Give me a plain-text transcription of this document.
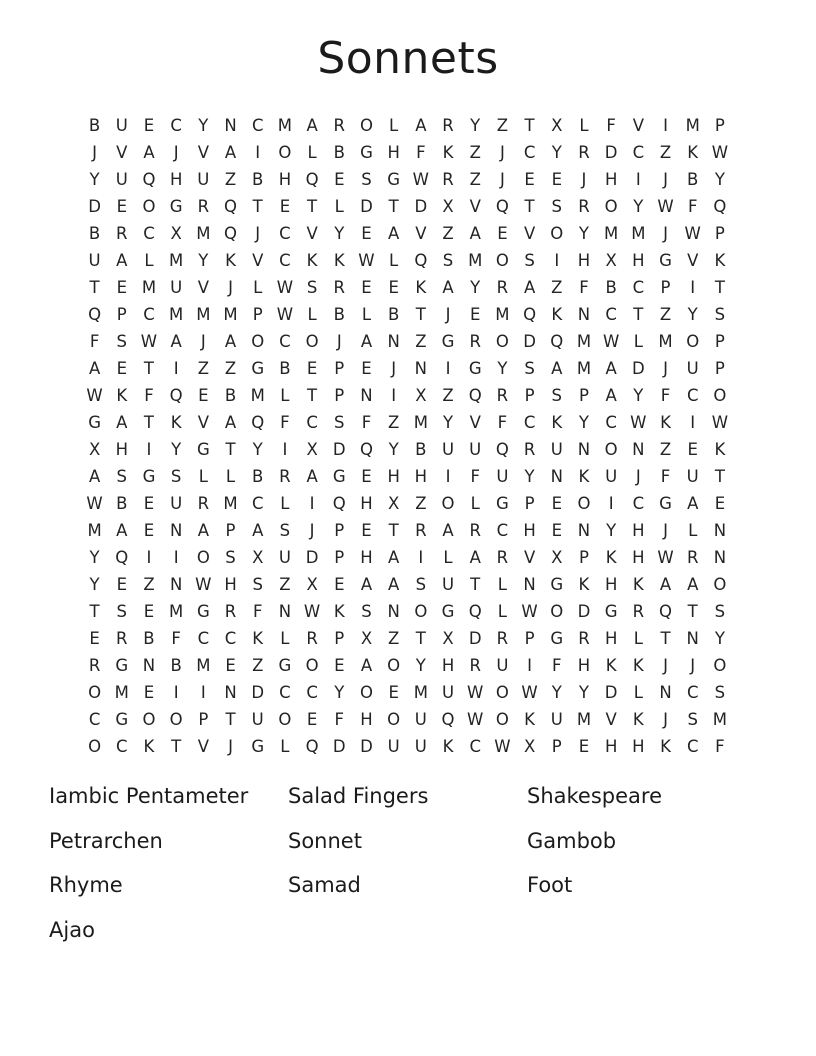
Sonnets
B U E C Y N C M A R O L	A R Y Z T X	L	F	V	I	M P
J	V A	J	V A	I	O L	B G H F	K Z	J	C Y R D C Z K W
Y U Q H U Z B H Q E	S G W R Z	J	E	E	J	H	I	J	B Y
D E O G R Q T	E	T	L D T D X V Q T	S R O Y W F Q
B R C X M Q	J	C V	Y	E A V Z A E V O Y M M	J	W P
U A	L M Y	K V C K K W L Q S M O S	I	H X H G V K
T	E M U V	J	L W S R E	E	K A	Y R A Z	F	B C P	I	T
Q P C M M M P W L	B	L	B T	J	E M Q K N C T Z Y	S
F	S W A	J	A O C O	J	A N Z G R O D Q M W L M O P
A E	T	I	Z Z G B E	P	E	J	N	I	G Y	S A M A D	J	U P
W K	F Q E B M L	T	P N	I	X Z Q R P	S	P	A	Y	F	C O
G A	T	K V A Q F	C S	F	Z M Y V	F	C K	Y C W K	I	W
X H	I	Y G T	Y	I	X D Q Y B U U Q R U N O N Z E	K
A S G S	L	L	B R A G E H H	I	F U Y N K U	J	F U T
W B E U R M C	L	I	Q H X Z O L G P	E O	I	C G A E
M A E N A	P	A S	J	P	E	T R A R C H E N Y H	J	L N
Y Q	I	I	O S X U D P H A	I	L	A R V X	P	K H W R N
Y	E Z N W H S Z X E A A S U T	L N G K H K A A O
T	S	E M G R	F N W K	S N O G Q L W O D G R Q T	S
E R B	F	C C K	L	R P	X Z T X D R P G R H L	T N Y
R G N B M E Z G O E A O Y H R U	I	F H K K	J	J	O
O M E	I	I	N D C C Y O E M U W O W Y	Y D L N C S
C G O O P	T U O E	F H O U Q W O K U M V K	J	S M
O C K	T V	J	G L Q D D U U K C W X	P	E H H K C	F
Iambic Pentameter
Petrarchen
Rhyme
Ajao
Salad Fingers
Sonnet
Samad
Shakespeare
Gambob
Foot
